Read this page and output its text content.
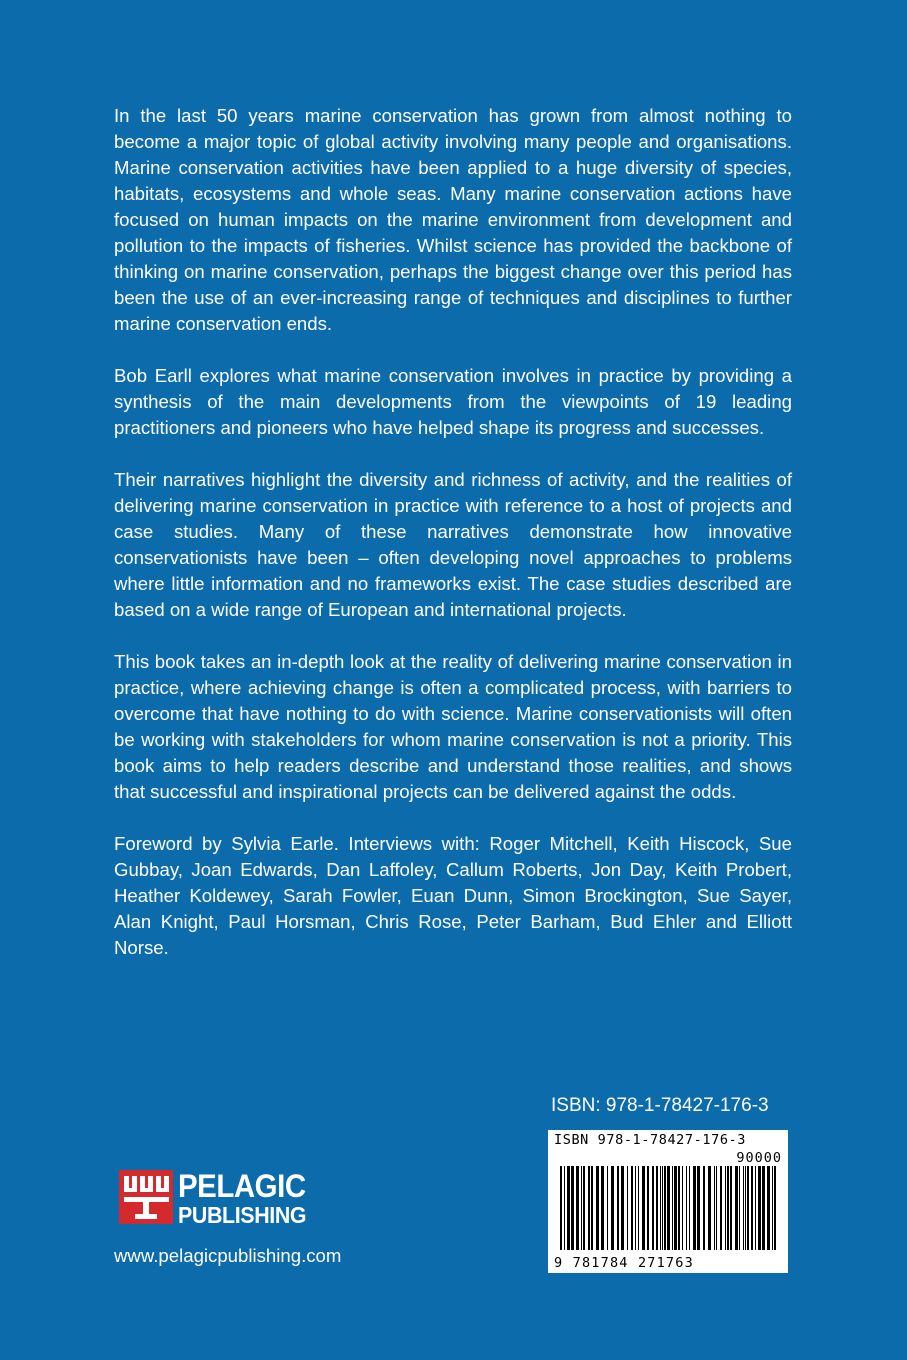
In the last 50 years marine conservation has grown from almost nothing to become a major topic of global activity involving many people and organisations. Marine conservation activities have been applied to a huge diversity of species, habitats, ecosystems and whole seas. Many marine conservation actions have focused on human impacts on the marine environment from development and pollution to the impacts of fisheries. Whilst science has provided the backbone of thinking on marine conservation, perhaps the biggest change over this period has been the use of an ever-increasing range of techniques and disciplines to further marine conservation ends.

Bob Earll explores what marine conservation involves in practice by providing a synthesis of the main developments from the viewpoints of 19 leading practitioners and pioneers who have helped shape its progress and successes.

Their narratives highlight the diversity and richness of activity, and the realities of delivering marine conservation in practice with reference to a host of projects and case studies. Many of these narratives demonstrate how innovative conservationists have been – often developing novel approaches to problems where little information and no frameworks exist. The case studies described are based on a wide range of European and international projects.

This book takes an in-depth look at the reality of delivering marine conservation in practice, where achieving change is often a complicated process, with barriers to overcome that have nothing to do with science. Marine conservationists will often be working with stakeholders for whom marine conservation is not a priority. This book aims to help readers describe and understand those realities, and shows that successful and inspirational projects can be delivered against the odds.

Foreword by Sylvia Earle. Interviews with: Roger Mitchell, Keith Hiscock, Sue Gubbay, Joan Edwards, Dan Laffoley, Callum Roberts, Jon Day, Keith Probert, Heather Koldewey, Sarah Fowler, Euan Dunn, Simon Brockington, Sue Sayer, Alan Knight, Paul Horsman, Chris Rose, Peter Barham, Bud Ehler and Elliott Norse.

ISBN: 978-1-78427-176-3
ISBN 978-1-78427-176-3
90000
9 781784 271763
PELAGIC
PUBLISHING
www.pelagicpublishing.com
